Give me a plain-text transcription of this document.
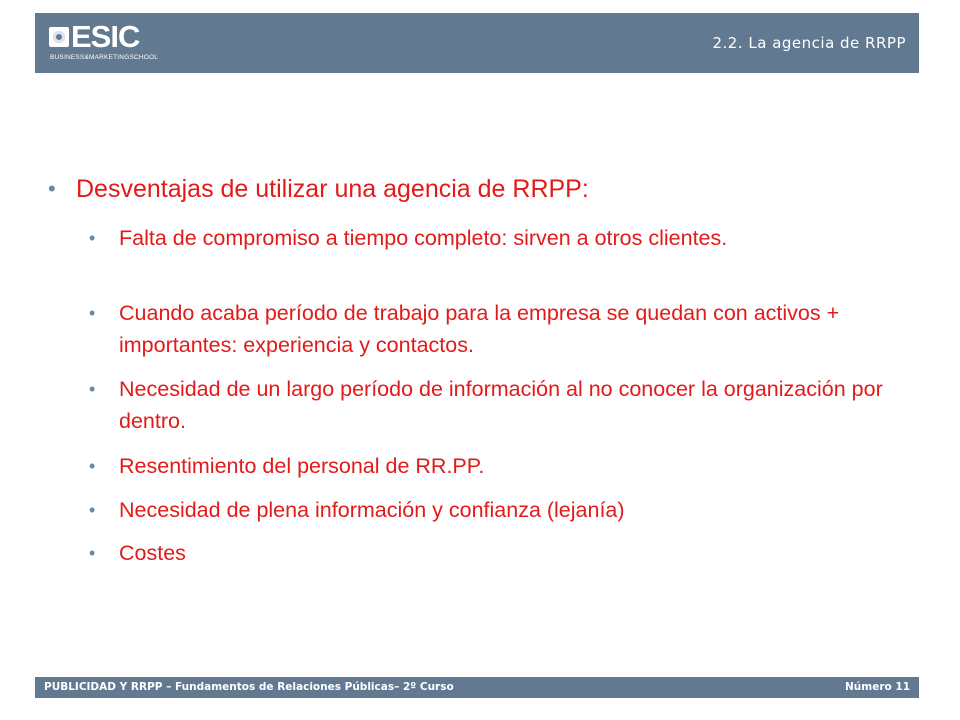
ESIC
BUSINESS&MARKETINGSCHOOL
2.2. La agencia de RRPP
• Desventajas de utilizar una agencia de RRPP:
• Falta de compromiso a tiempo completo: sirven a otros clientes.
• Cuando acaba período de trabajo para la empresa se quedan con activos + importantes: experiencia y contactos.
• Necesidad de un largo período de información al no conocer la organización por dentro.
• Resentimiento del personal de RR.PP.
• Necesidad de plena información y confianza (lejanía)
• Costes
PUBLICIDAD Y RRPP – Fundamentos de Relaciones Públicas– 2º Curso	Número 11
